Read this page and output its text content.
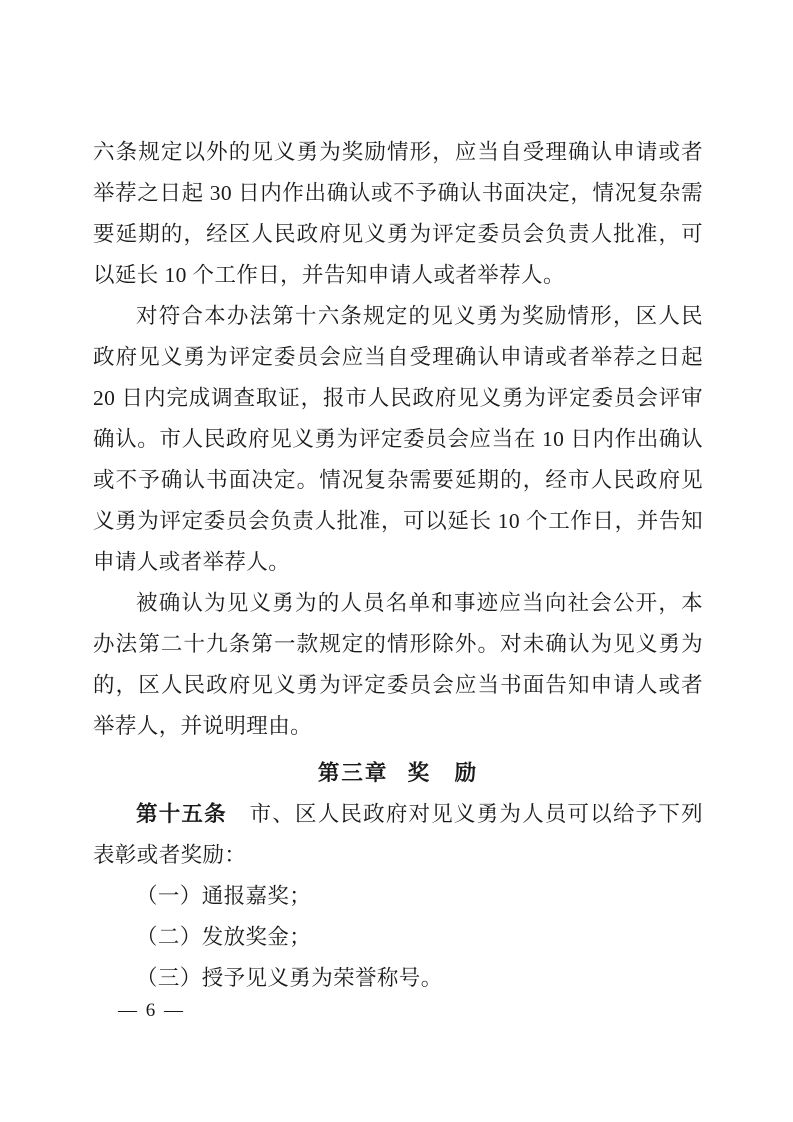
六条规定以外的见义勇为奖励情形，应当自受理确认申请或者举荐之日起 30 日内作出确认或不予确认书面决定，情况复杂需要延期的，经区人民政府见义勇为评定委员会负责人批准，可以延长 10 个工作日，并告知申请人或者举荐人。

对符合本办法第十六条规定的见义勇为奖励情形，区人民政府见义勇为评定委员会应当自受理确认申请或者举荐之日起 20 日内完成调查取证，报市人民政府见义勇为评定委员会评审确认。市人民政府见义勇为评定委员会应当在 10 日内作出确认或不予确认书面决定。情况复杂需要延期的，经市人民政府见义勇为评定委员会负责人批准，可以延长 10 个工作日，并告知申请人或者举荐人。

被确认为见义勇为的人员名单和事迹应当向社会公开，本办法第二十九条第一款规定的情形除外。对未确认为见义勇为的，区人民政府见义勇为评定委员会应当书面告知申请人或者举荐人，并说明理由。

第三章 奖　励

第十五条　市、区人民政府对见义勇为人员可以给予下列表彰或者奖励：

（一）通报嘉奖；
（二）发放奖金；
（三）授予见义勇为荣誉称号。
— 6 —
